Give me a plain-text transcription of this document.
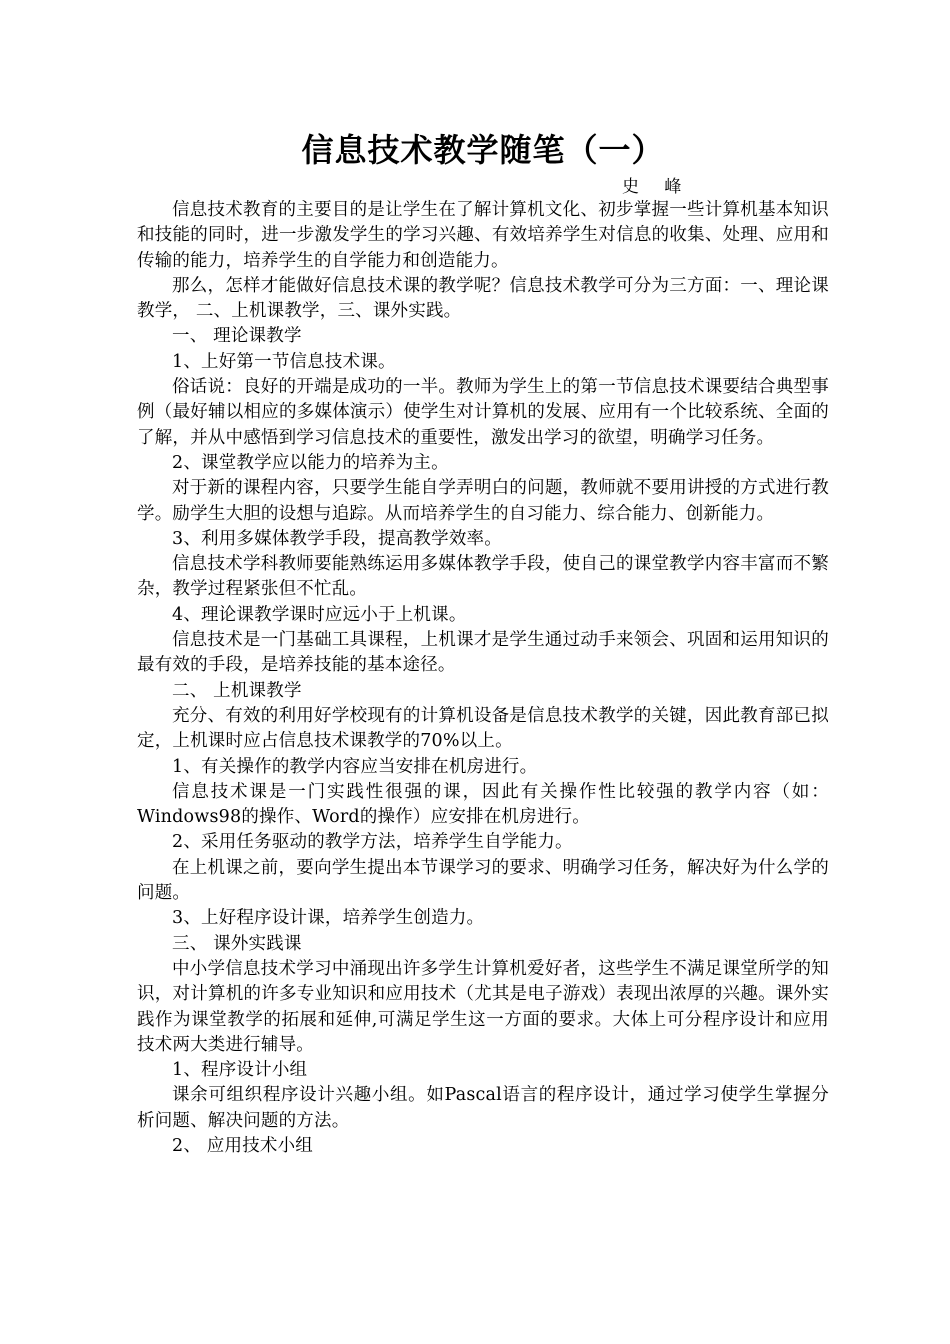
信息技术教学随笔（一）
史 峰

信息技术教育的主要目的是让学生在了解计算机文化、初步掌握一些计算机基本知识和技能的同时，进一步激发学生的学习兴趣、有效培养学生对信息的收集、处理、应用和传输的能力，培养学生的自学能力和创造能力。

那么，怎样才能做好信息技术课的教学呢？信息技术教学可分为三方面：一、理论课教学， 二、上机课教学，三、课外实践。

一、 理论课教学

1、上好第一节信息技术课。

俗话说：良好的开端是成功的一半。教师为学生上的第一节信息技术课要结合典型事例（最好辅以相应的多媒体演示）使学生对计算机的发展、应用有一个比较系统、全面的了解，并从中感悟到学习信息技术的重要性，激发出学习的欲望，明确学习任务。

2、课堂教学应以能力的培养为主。

对于新的课程内容，只要学生能自学弄明白的问题，教师就不要用讲授的方式进行教学。励学生大胆的设想与追踪。从而培养学生的自习能力、综合能力、创新能力。

3、利用多媒体教学手段，提高教学效率。

信息技术学科教师要能熟练运用多媒体教学手段，使自己的课堂教学内容丰富而不繁杂，教学过程紧张但不忙乱。

4、理论课教学课时应远小于上机课。

信息技术是一门基础工具课程，上机课才是学生通过动手来领会、巩固和运用知识的最有效的手段，是培养技能的基本途径。

二、 上机课教学

充分、有效的利用好学校现有的计算机设备是信息技术教学的关键，因此教育部已拟定，上机课时应占信息技术课教学的70%以上。

1、有关操作的教学内容应当安排在机房进行。

信息技术课是一门实践性很强的课，因此有关操作性比较强的教学内容（如：Windows98的操作、Word的操作）应安排在机房进行。

2、采用任务驱动的教学方法，培养学生自学能力。

在上机课之前，要向学生提出本节课学习的要求、明确学习任务，解决好为什么学的问题。

3、上好程序设计课，培养学生创造力。

三、 课外实践课

中小学信息技术学习中涌现出许多学生计算机爱好者，这些学生不满足课堂所学的知识，对计算机的许多专业知识和应用技术（尤其是电子游戏）表现出浓厚的兴趣。课外实践作为课堂教学的拓展和延伸,可满足学生这一方面的要求。大体上可分程序设计和应用技术两大类进行辅导。

1、程序设计小组

课余可组织程序设计兴趣小组。如Pascal语言的程序设计，通过学习使学生掌握分析问题、解决问题的方法。

2、 应用技术小组
